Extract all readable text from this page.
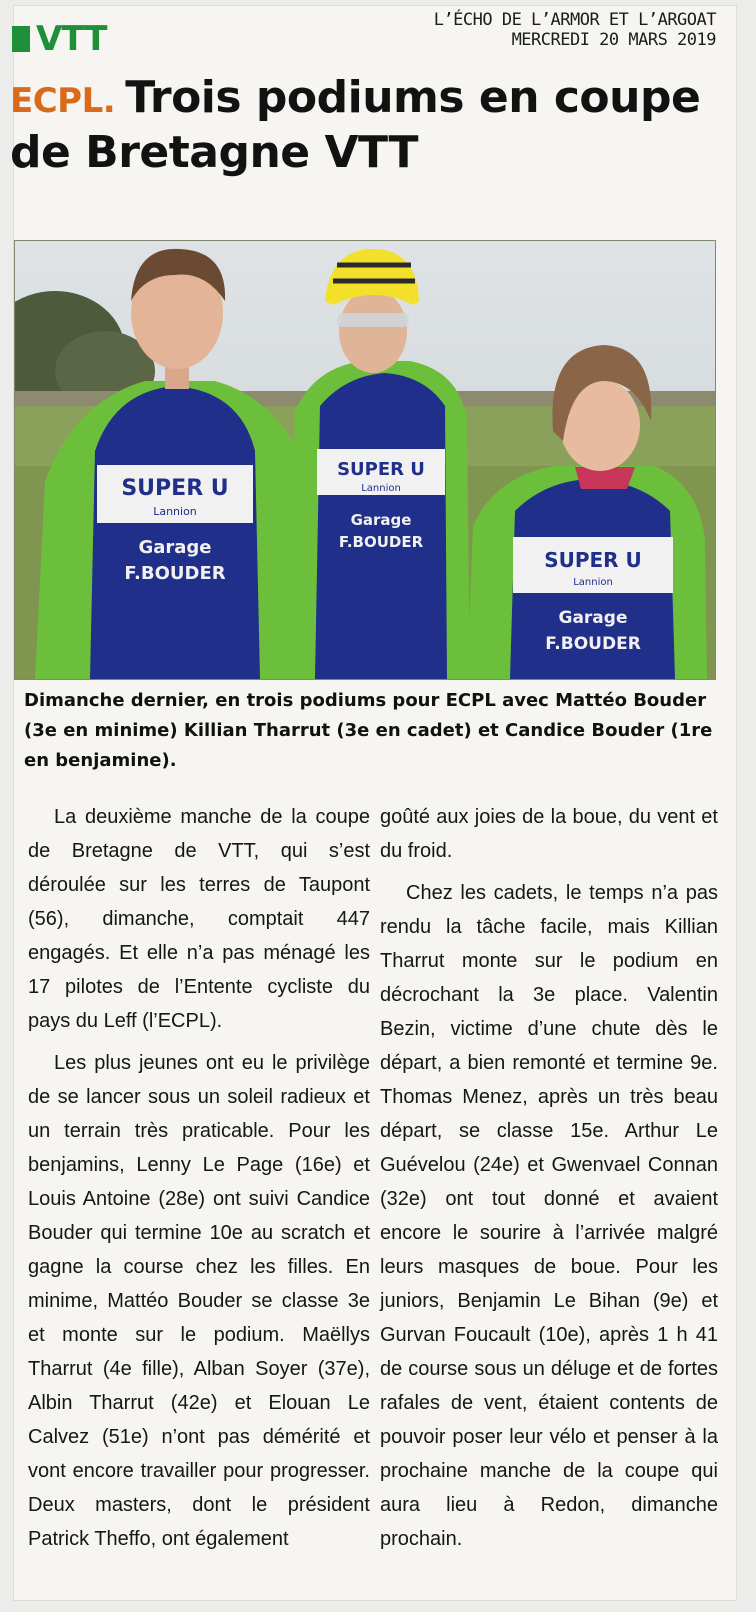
VTT	L’ÉCHO DE L’ARMOR ET L’ARGOAT
MERCREDI 20 MARS 2019
ECPL. Trois podiums en coupe de Bretagne VTT
SUPER U
Lannion
Garage
F.BOUDER
SUPER U
Lannion
Garage
F.BOUDER
SUPER U
Lannion
Garage
F.BOUDER
Dimanche dernier, en trois podiums pour ECPL avec Mattéo Bouder (3e en minime) Killian Tharrut (3e en cadet) et Candice Bouder (1re en benjamine).

La deuxième manche de la coupe de Bretagne de VTT, qui s’est déroulée sur les terres de Taupont (56), dimanche, comptait 447 engagés. Et elle n’a pas ménagé les 17 pilotes de l’Entente cycliste du pays du Leff (l’ECPL).

Les plus jeunes ont eu le privilège de se lancer sous un soleil radieux et un terrain très praticable. Pour les benjamins, Lenny Le Page (16e) et Louis Antoine (28e) ont suivi Candice Bouder qui termine 10e au scratch et gagne la course chez les filles. En minime, Mattéo Bouder se classe 3e et monte sur le podium. Maëllys Tharrut (4e fille), Alban Soyer (37e), Albin Tharrut (42e) et Elouan Le Calvez (51e) n’ont pas démérité et vont encore travailler pour progresser. Deux masters, dont le président Patrick Theffo, ont également

goûté aux joies de la boue, du vent et du froid.

Chez les cadets, le temps n’a pas rendu la tâche facile, mais Killian Tharrut monte sur le podium en décrochant la 3e place. Valentin Bezin, victime d’une chute dès le départ, a bien remonté et termine 9e. Thomas Menez, après un très beau départ, se classe 15e. Arthur Le Guévelou (24e) et Gwenvael Connan (32e) ont tout donné et avaient encore le sourire à l’arrivée malgré leurs masques de boue. Pour les juniors, Benjamin Le Bihan (9e) et Gurvan Foucault (10e), après 1 h 41 de course sous un déluge et de fortes rafales de vent, étaient contents de pouvoir poser leur vélo et penser à la prochaine manche de la coupe qui aura lieu à Redon, dimanche prochain.
